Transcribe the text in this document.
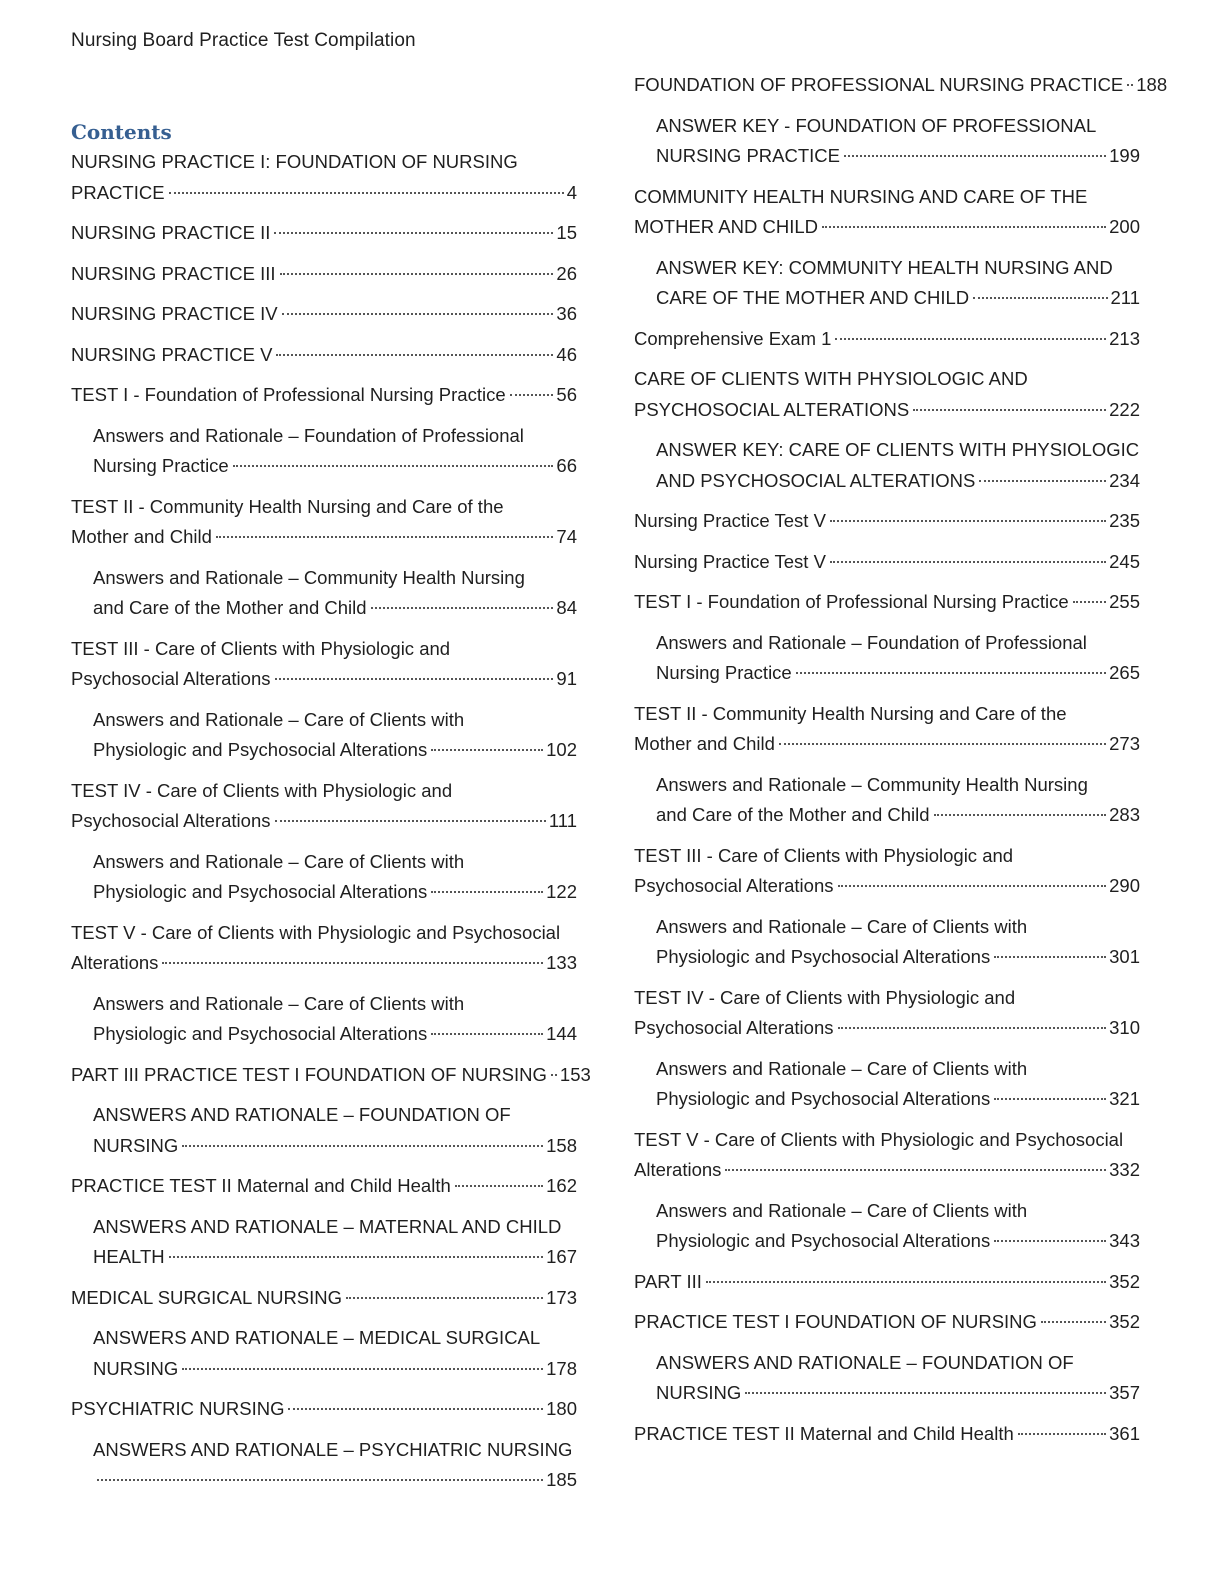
Nursing Board Practice Test Compilation
Contents
NURSING PRACTICE I: FOUNDATION OF NURSING
PRACTICE	4
NURSING PRACTICE II	15
NURSING PRACTICE III	26
NURSING PRACTICE IV	36
NURSING PRACTICE V	46
TEST I - Foundation of Professional Nursing Practice	56
Answers and Rationale – Foundation of Professional
Nursing Practice	66
TEST II - Community Health Nursing and Care of the
Mother and Child	74
Answers and Rationale – Community Health Nursing
and Care of the Mother and Child	84
TEST III - Care of Clients with Physiologic and
Psychosocial Alterations	91
Answers and Rationale – Care of Clients with
Physiologic and Psychosocial Alterations	102
TEST IV - Care of Clients with Physiologic and
Psychosocial Alterations	111
Answers and Rationale – Care of Clients with
Physiologic and Psychosocial Alterations	122
TEST V - Care of Clients with Physiologic and Psychosocial
Alterations	133
Answers and Rationale – Care of Clients with
Physiologic and Psychosocial Alterations	144
PART III PRACTICE TEST I FOUNDATION OF NURSING 153
ANSWERS AND RATIONALE – FOUNDATION OF
NURSING	158
PRACTICE TEST II Maternal and Child Health	162
ANSWERS AND RATIONALE – MATERNAL AND CHILD
HEALTH	167
MEDICAL SURGICAL NURSING	173
ANSWERS AND RATIONALE – MEDICAL SURGICAL
NURSING	178
PSYCHIATRIC NURSING	180
ANSWERS AND RATIONALE – PSYCHIATRIC NURSING
185
FOUNDATION OF PROFESSIONAL NURSING PRACTICE 188
ANSWER KEY - FOUNDATION OF PROFESSIONAL
NURSING PRACTICE	199
COMMUNITY HEALTH NURSING AND CARE OF THE
MOTHER AND CHILD	200
ANSWER KEY: COMMUNITY HEALTH NURSING AND
CARE OF THE MOTHER AND CHILD	211
Comprehensive Exam 1	213
CARE OF CLIENTS WITH PHYSIOLOGIC AND
PSYCHOSOCIAL ALTERATIONS	222
ANSWER KEY: CARE OF CLIENTS WITH PHYSIOLOGIC
AND PSYCHOSOCIAL ALTERATIONS	234
Nursing Practice Test V	235
Nursing Practice Test V	245
TEST I - Foundation of Professional Nursing Practice 255
Answers and Rationale – Foundation of Professional
Nursing Practice	265
TEST II - Community Health Nursing and Care of the
Mother and Child	273
Answers and Rationale – Community Health Nursing
and Care of the Mother and Child	283
TEST III - Care of Clients with Physiologic and
Psychosocial Alterations	290
Answers and Rationale – Care of Clients with
Physiologic and Psychosocial Alterations	301
TEST IV - Care of Clients with Physiologic and
Psychosocial Alterations	310
Answers and Rationale – Care of Clients with
Physiologic and Psychosocial Alterations	321
TEST V - Care of Clients with Physiologic and Psychosocial
Alterations	332
Answers and Rationale – Care of Clients with
Physiologic and Psychosocial Alterations	343
PART III	352
PRACTICE TEST I FOUNDATION OF NURSING	352
ANSWERS AND RATIONALE – FOUNDATION OF
NURSING	357
PRACTICE TEST II Maternal and Child Health	361
